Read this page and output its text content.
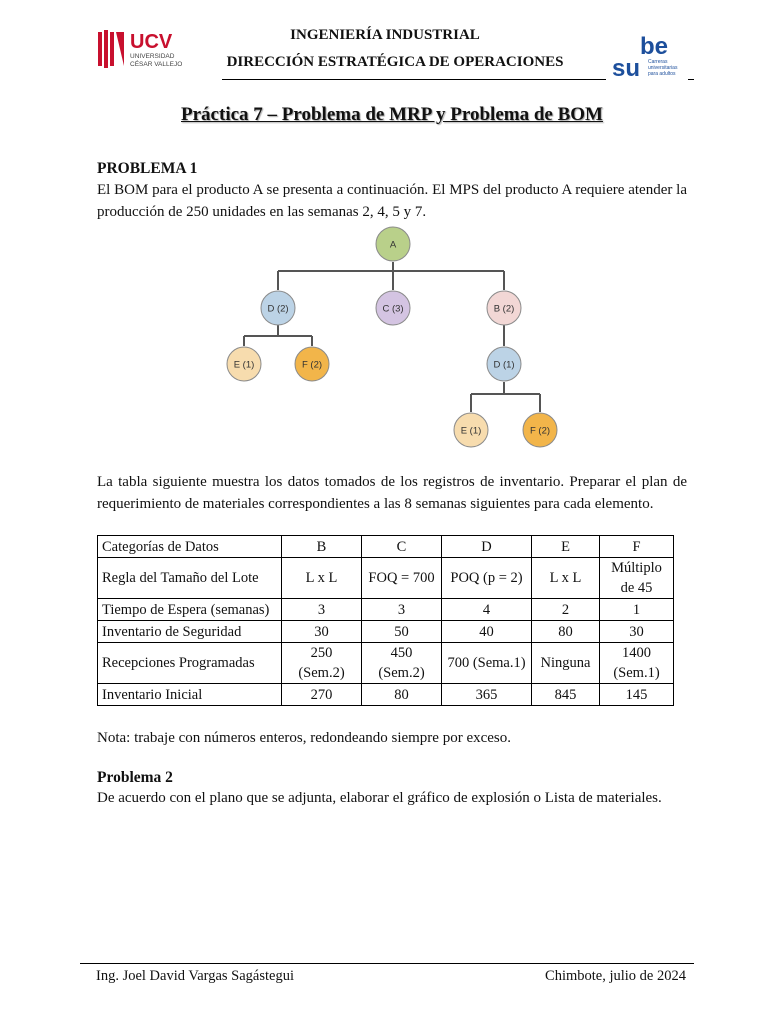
UCV
UNIVERSIDAD
CÉSAR VALLEJO
INGENIERÍA INDUSTRIAL
DIRECCIÓN ESTRATÉGICA DE OPERACIONES
be
su Carreras
universitarias
para adultos
Práctica 7 – Problema de MRP y Problema de BOM
PROBLEMA 1
El BOM para el producto A se presenta a continuación. El MPS del producto A requiere atender la producción de 250 unidades en las semanas 2, 4, 5 y 7.
A
D (2)	C (3)	B (2)
E (1)	F (2)	D (1)
E (1)	F (2)
La tabla siguiente muestra los datos tomados de los registros de inventario. Preparar el plan de requerimiento de materiales correspondientes a las 8 semanas siguientes para cada elemento.
Categorías de Datos	B	C	D	E	F
Regla del Tamaño del Lote	L x L	FOQ = 700	POQ (p = 2)	L x L	Múltiplo de 45
Tiempo de Espera (semanas)	3	3	4	2	1
Inventario de Seguridad	30	50	40	80	30
Recepciones Programadas	250 (Sem.2)	450 (Sem.2)	700 (Sema.1)	Ninguna	1400 (Sem.1)
Inventario Inicial	270	80	365	845	145
Nota: trabaje con números enteros, redondeando siempre por exceso.
Problema 2
De acuerdo con el plano que se adjunta, elaborar el gráfico de explosión o Lista de materiales.
Ing. Joel David Vargas Sagástegui	Chimbote, julio de 2024
